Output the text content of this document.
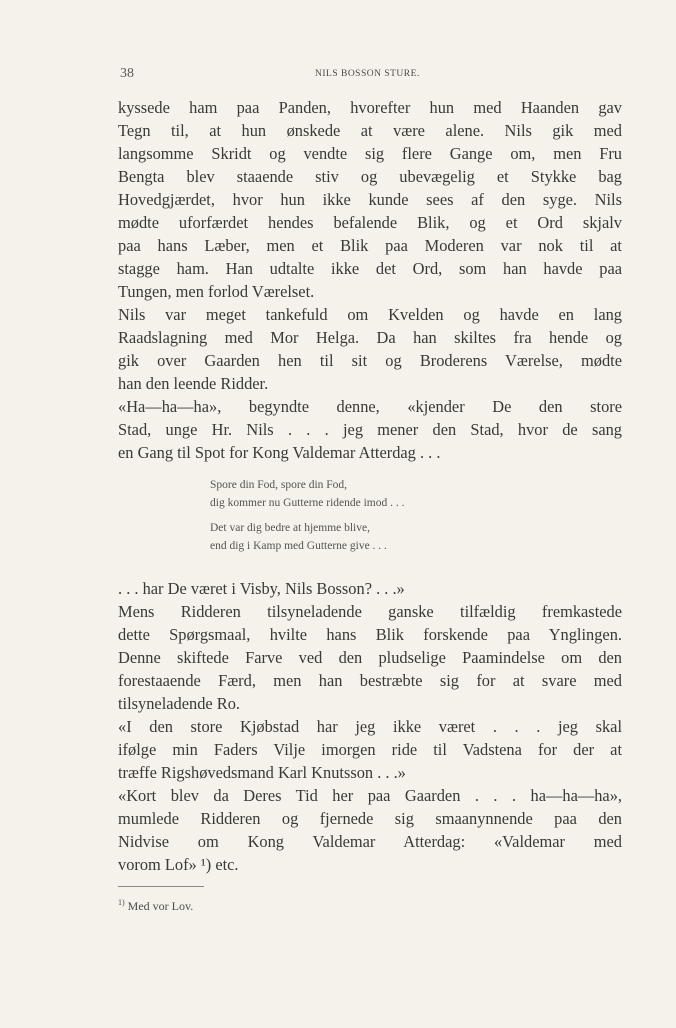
38	NILS BOSSON STURE.
kyssede ham paa Panden, hvorefter hun med Haanden gav
Tegn til, at hun ønskede at være alene. Nils gik med
langsomme Skridt og vendte sig flere Gange om, men Fru
Bengta blev staaende stiv og ubevægelig et Stykke bag
Hovedgjærdet, hvor hun ikke kunde sees af den syge. Nils
mødte uforfærdet hendes befalende Blik, og et Ord skjalv
paa hans Læber, men et Blik paa Moderen var nok til at
stagge ham. Han udtalte ikke det Ord, som han havde paa
Tungen, men forlod Værelset.
Nils var meget tankefuld om Kvelden og havde en lang
Raadslagning med Mor Helga. Da han skiltes fra hende og
gik over Gaarden hen til sit og Broderens Værelse, mødte
han den leende Ridder.
«Ha—ha—ha», begyndte denne, «kjender De den store
Stad, unge Hr. Nils . . . jeg mener den Stad, hvor de sang
en Gang til Spot for Kong Valdemar Atterdag . . .
Spore din Fod, spore din Fod,
dig kommer nu Gutterne ridende imod . . .
Det var dig bedre at hjemme blive,
end dig i Kamp med Gutterne give . . .
. . . har De været i Visby, Nils Bosson? . . .»
Mens Ridderen tilsyneladende ganske tilfældig fremkastede
dette Spørgsmaal, hvilte hans Blik forskende paa Ynglingen.
Denne skiftede Farve ved den pludselige Paamindelse om den
forestaaende Færd, men han bestræbte sig for at svare med
tilsyneladende Ro.
«I den store Kjøbstad har jeg ikke været . . . jeg skal
ifølge min Faders Vilje imorgen ride til Vadstena for der at
træffe Rigshøvedsmand Karl Knutsson . . .»
«Kort blev da Deres Tid her paa Gaarden . . . ha—ha—ha»,
mumlede Ridderen og fjernede sig smaanynnende paa den
Nidvise om Kong Valdemar Atterdag: «Valdemar med
vorom Lof» ¹) etc.
$^{1)}$ Med vor Lov.
